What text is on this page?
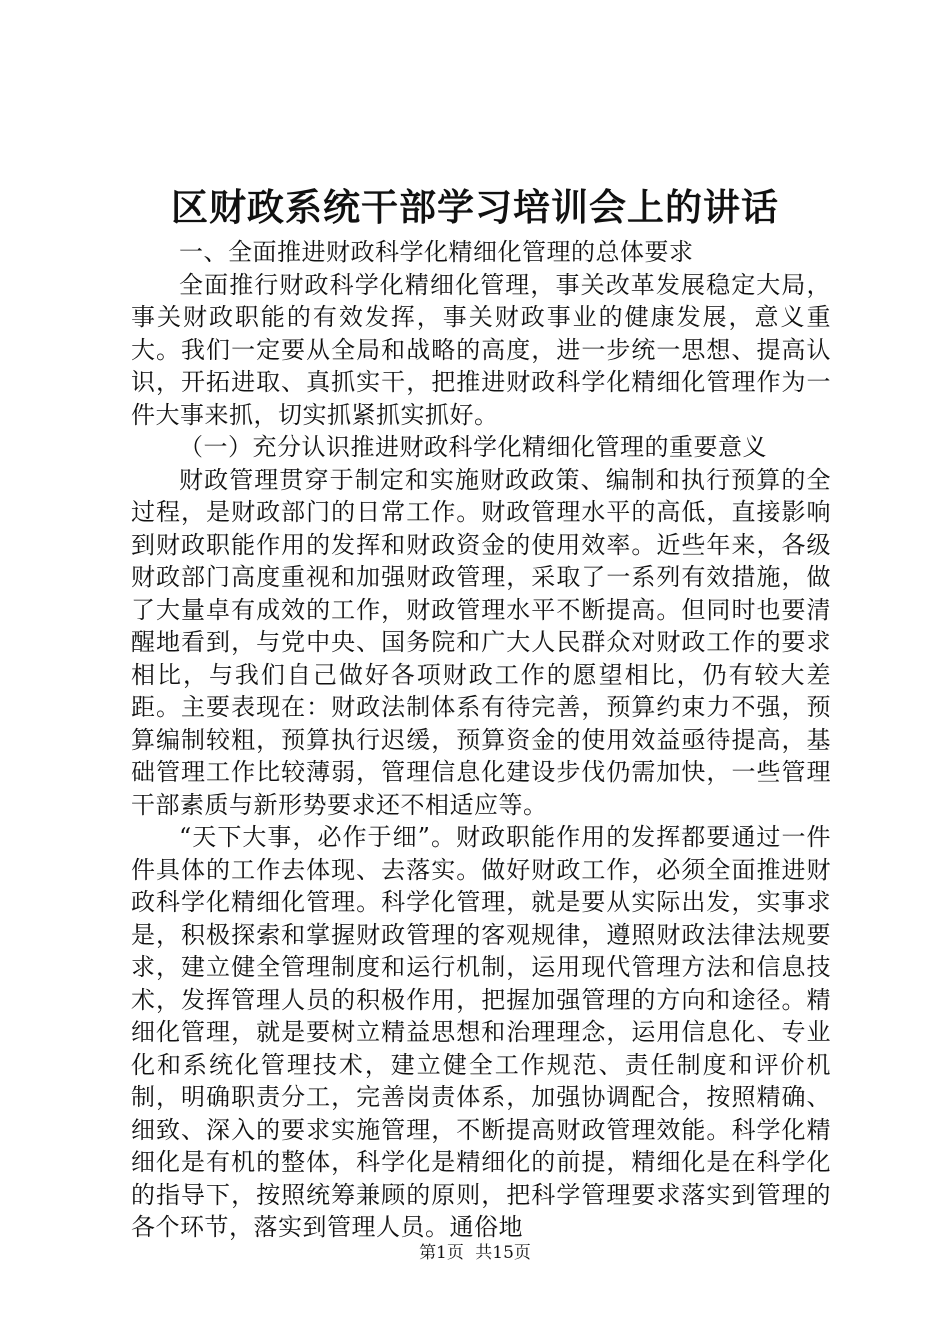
区财政系统干部学习培训会上的讲话

一、全面推进财政科学化精细化管理的总体要求

全面推行财政科学化精细化管理，事关改革发展稳定大局，事关财政职能的有效发挥，事关财政事业的健康发展，意义重大。我们一定要从全局和战略的高度，进一步统一思想、提高认识，开拓进取、真抓实干，把推进财政科学化精细化管理作为一件大事来抓，切实抓紧抓实抓好。

（一）充分认识推进财政科学化精细化管理的重要意义

财政管理贯穿于制定和实施财政政策、编制和执行预算的全过程，是财政部门的日常工作。财政管理水平的高低，直接影响到财政职能作用的发挥和财政资金的使用效率。近些年来，各级财政部门高度重视和加强财政管理，采取了一系列有效措施，做了大量卓有成效的工作，财政管理水平不断提高。但同时也要清醒地看到，与党中央、国务院和广大人民群众对财政工作的要求相比，与我们自己做好各项财政工作的愿望相比，仍有较大差距。主要表现在：财政法制体系有待完善，预算约束力不强，预算编制较粗，预算执行迟缓，预算资金的使用效益亟待提高，基础管理工作比较薄弱，管理信息化建设步伐仍需加快，一些管理干部素质与新形势要求还不相适应等。

“天下大事，必作于细”。财政职能作用的发挥都要通过一件件具体的工作去体现、去落实。做好财政工作，必须全面推进财政科学化精细化管理。科学化管理，就是要从实际出发，实事求是，积极探索和掌握财政管理的客观规律，遵照财政法律法规要求，建立健全管理制度和运行机制，运用现代管理方法和信息技术，发挥管理人员的积极作用，把握加强管理的方向和途径。精细化管理，就是要树立精益思想和治理理念，运用信息化、专业化和系统化管理技术，建立健全工作规范、责任制度和评价机制，明确职责分工，完善岗责体系，加强协调配合，按照精确、细致、深入的要求实施管理，不断提高财政管理效能。科学化精细化是有机的整体，科学化是精细化的前提，精细化是在科学化的指导下，按照统筹兼顾的原则，把科学管理要求落实到管理的各个环节，落实到管理人员。通俗地

第1页 共15页
